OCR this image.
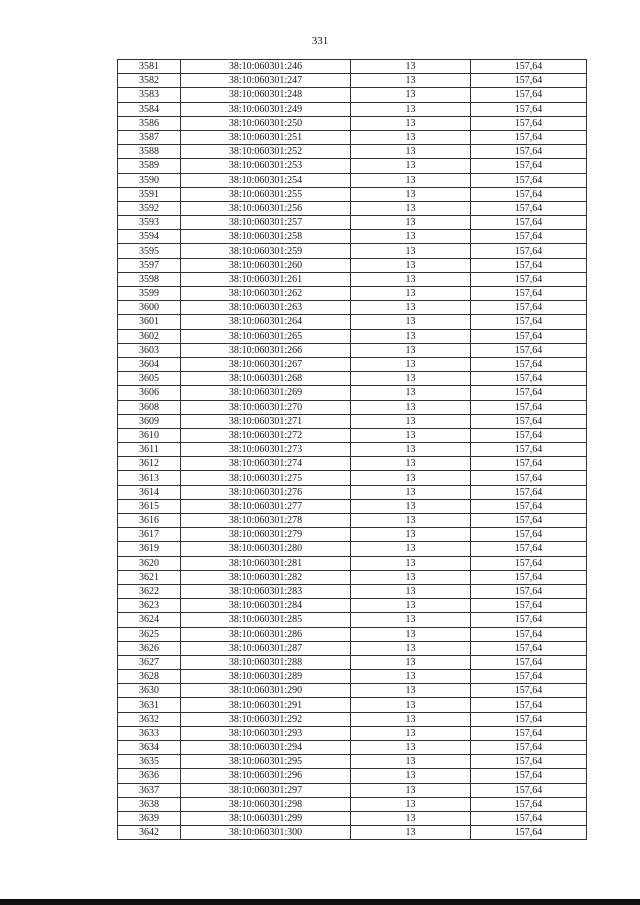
331
3581	38:10:060301:246	13	157,64
3582	38:10:060301:247	13	157,64
3583	38:10:060301:248	13	157,64
3584	38:10:060301:249	13	157,64
3586	38:10:060301:250	13	157,64
3587	38:10:060301:251	13	157,64
3588	38:10:060301:252	13	157,64
3589	38:10:060301:253	13	157,64
3590	38:10:060301:254	13	157,64
3591	38:10:060301:255	13	157,64
3592	38:10:060301:256	13	157,64
3593	38:10:060301:257	13	157,64
3594	38:10:060301:258	13	157,64
3595	38:10:060301:259	13	157,64
3597	38:10:060301:260	13	157,64
3598	38:10:060301:261	13	157,64
3599	38:10:060301:262	13	157,64
3600	38:10:060301:263	13	157,64
3601	38:10:060301:264	13	157,64
3602	38:10:060301:265	13	157,64
3603	38:10:060301:266	13	157,64
3604	38:10:060301:267	13	157,64
3605	38:10:060301:268	13	157,64
3606	38:10:060301:269	13	157,64
3608	38:10:060301:270	13	157,64
3609	38:10:060301:271	13	157,64
3610	38:10:060301:272	13	157,64
3611	38:10:060301:273	13	157,64
3612	38:10:060301:274	13	157,64
3613	38:10:060301:275	13	157,64
3614	38:10:060301:276	13	157,64
3615	38:10:060301:277	13	157,64
3616	38:10:060301:278	13	157,64
3617	38:10:060301:279	13	157,64
3619	38:10:060301:280	13	157,64
3620	38:10:060301:281	13	157,64
3621	38:10:060301:282	13	157,64
3622	38:10:060301:283	13	157,64
3623	38:10:060301:284	13	157,64
3624	38:10:060301:285	13	157,64
3625	38:10:060301:286	13	157,64
3626	38:10:060301:287	13	157,64
3627	38:10:060301:288	13	157,64
3628	38:10:060301:289	13	157,64
3630	38:10:060301:290	13	157,64
3631	38:10:060301:291	13	157,64
3632	38:10:060301:292	13	157,64
3633	38:10:060301:293	13	157,64
3634	38:10:060301:294	13	157,64
3635	38:10:060301:295	13	157,64
3636	38:10:060301:296	13	157,64
3637	38:10:060301:297	13	157,64
3638	38:10:060301:298	13	157,64
3639	38:10:060301:299	13	157,64
3642	38:10:060301:300	13	157,64
